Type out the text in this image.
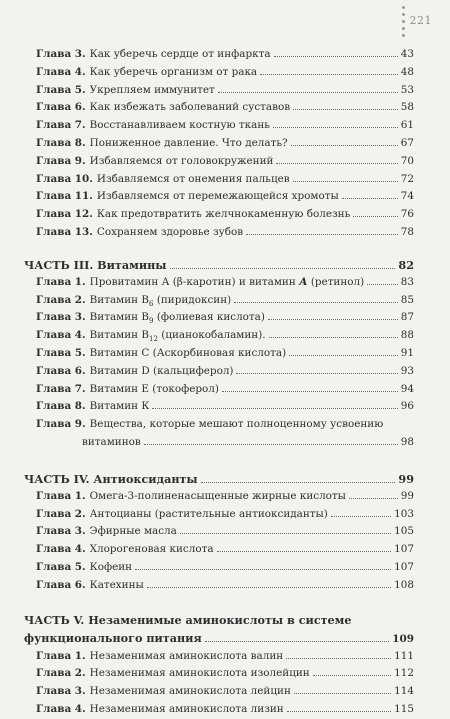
221
Глава 3. Как уберечь сердце от инфаркта	43
Глава 4. Как уберечь организм от рака	48
Глава 5. Укрепляем иммунитет	53
Глава 6. Как избежать заболеваний суставов	58
Глава 7. Восстанавливаем костную ткань	61
Глава 8. Пониженное давление. Что делать?	67
Глава 9. Избавляемся от головокружений	70
Глава 10. Избавляемся от онемения пальцев	72
Глава 11. Избавляемся от перемежающейся хромоты	74
Глава 12. Как предотвратить желчнокаменную болезнь	76
Глава 13. Сохраняем здоровье зубов	78
ЧАСТЬ III. Витамины	82
Глава 1. Провитамин А (β-каротин) и витамин А (ретинол)	83
Глава 2. Витамин $В_6$ (пиридоксин)	85
Глава 3. Витамин $В_9$ (фолиевая кислота)	87
Глава 4. Витамин $В_{12}$ (цианокобаламин).	88
Глава 5. Витамин С (Аскорбиновая кислота)	91
Глава 6. Витамин D (кальциферол)	93
Глава 7. Витамин Е (токоферол)	94
Глава 8. Витамин К	96
Глава 9. Вещества, которые мешают полноценному усвоению
витаминов	98
ЧАСТЬ IV. Антиоксиданты	99
Глава 1. Омега-3-полиненасыщенные жирные кислоты	99
Глава 2. Антоцианы (растительные антиоксиданты)	103
Глава 3. Эфирные масла	105
Глава 4. Хлорогеновая кислота	107
Глава 5. Кофеин	107
Глава 6. Катехины	108
ЧАСТЬ V. Незаменимые аминокислоты в системе
функционального питания	109
Глава 1. Незаменимая аминокислота валин	111
Глава 2. Незаменимая аминокислота изолейцин	112
Глава 3. Незаменимая аминокислота лейцин	114
Глава 4. Незаменимая аминокислота лизин	115
